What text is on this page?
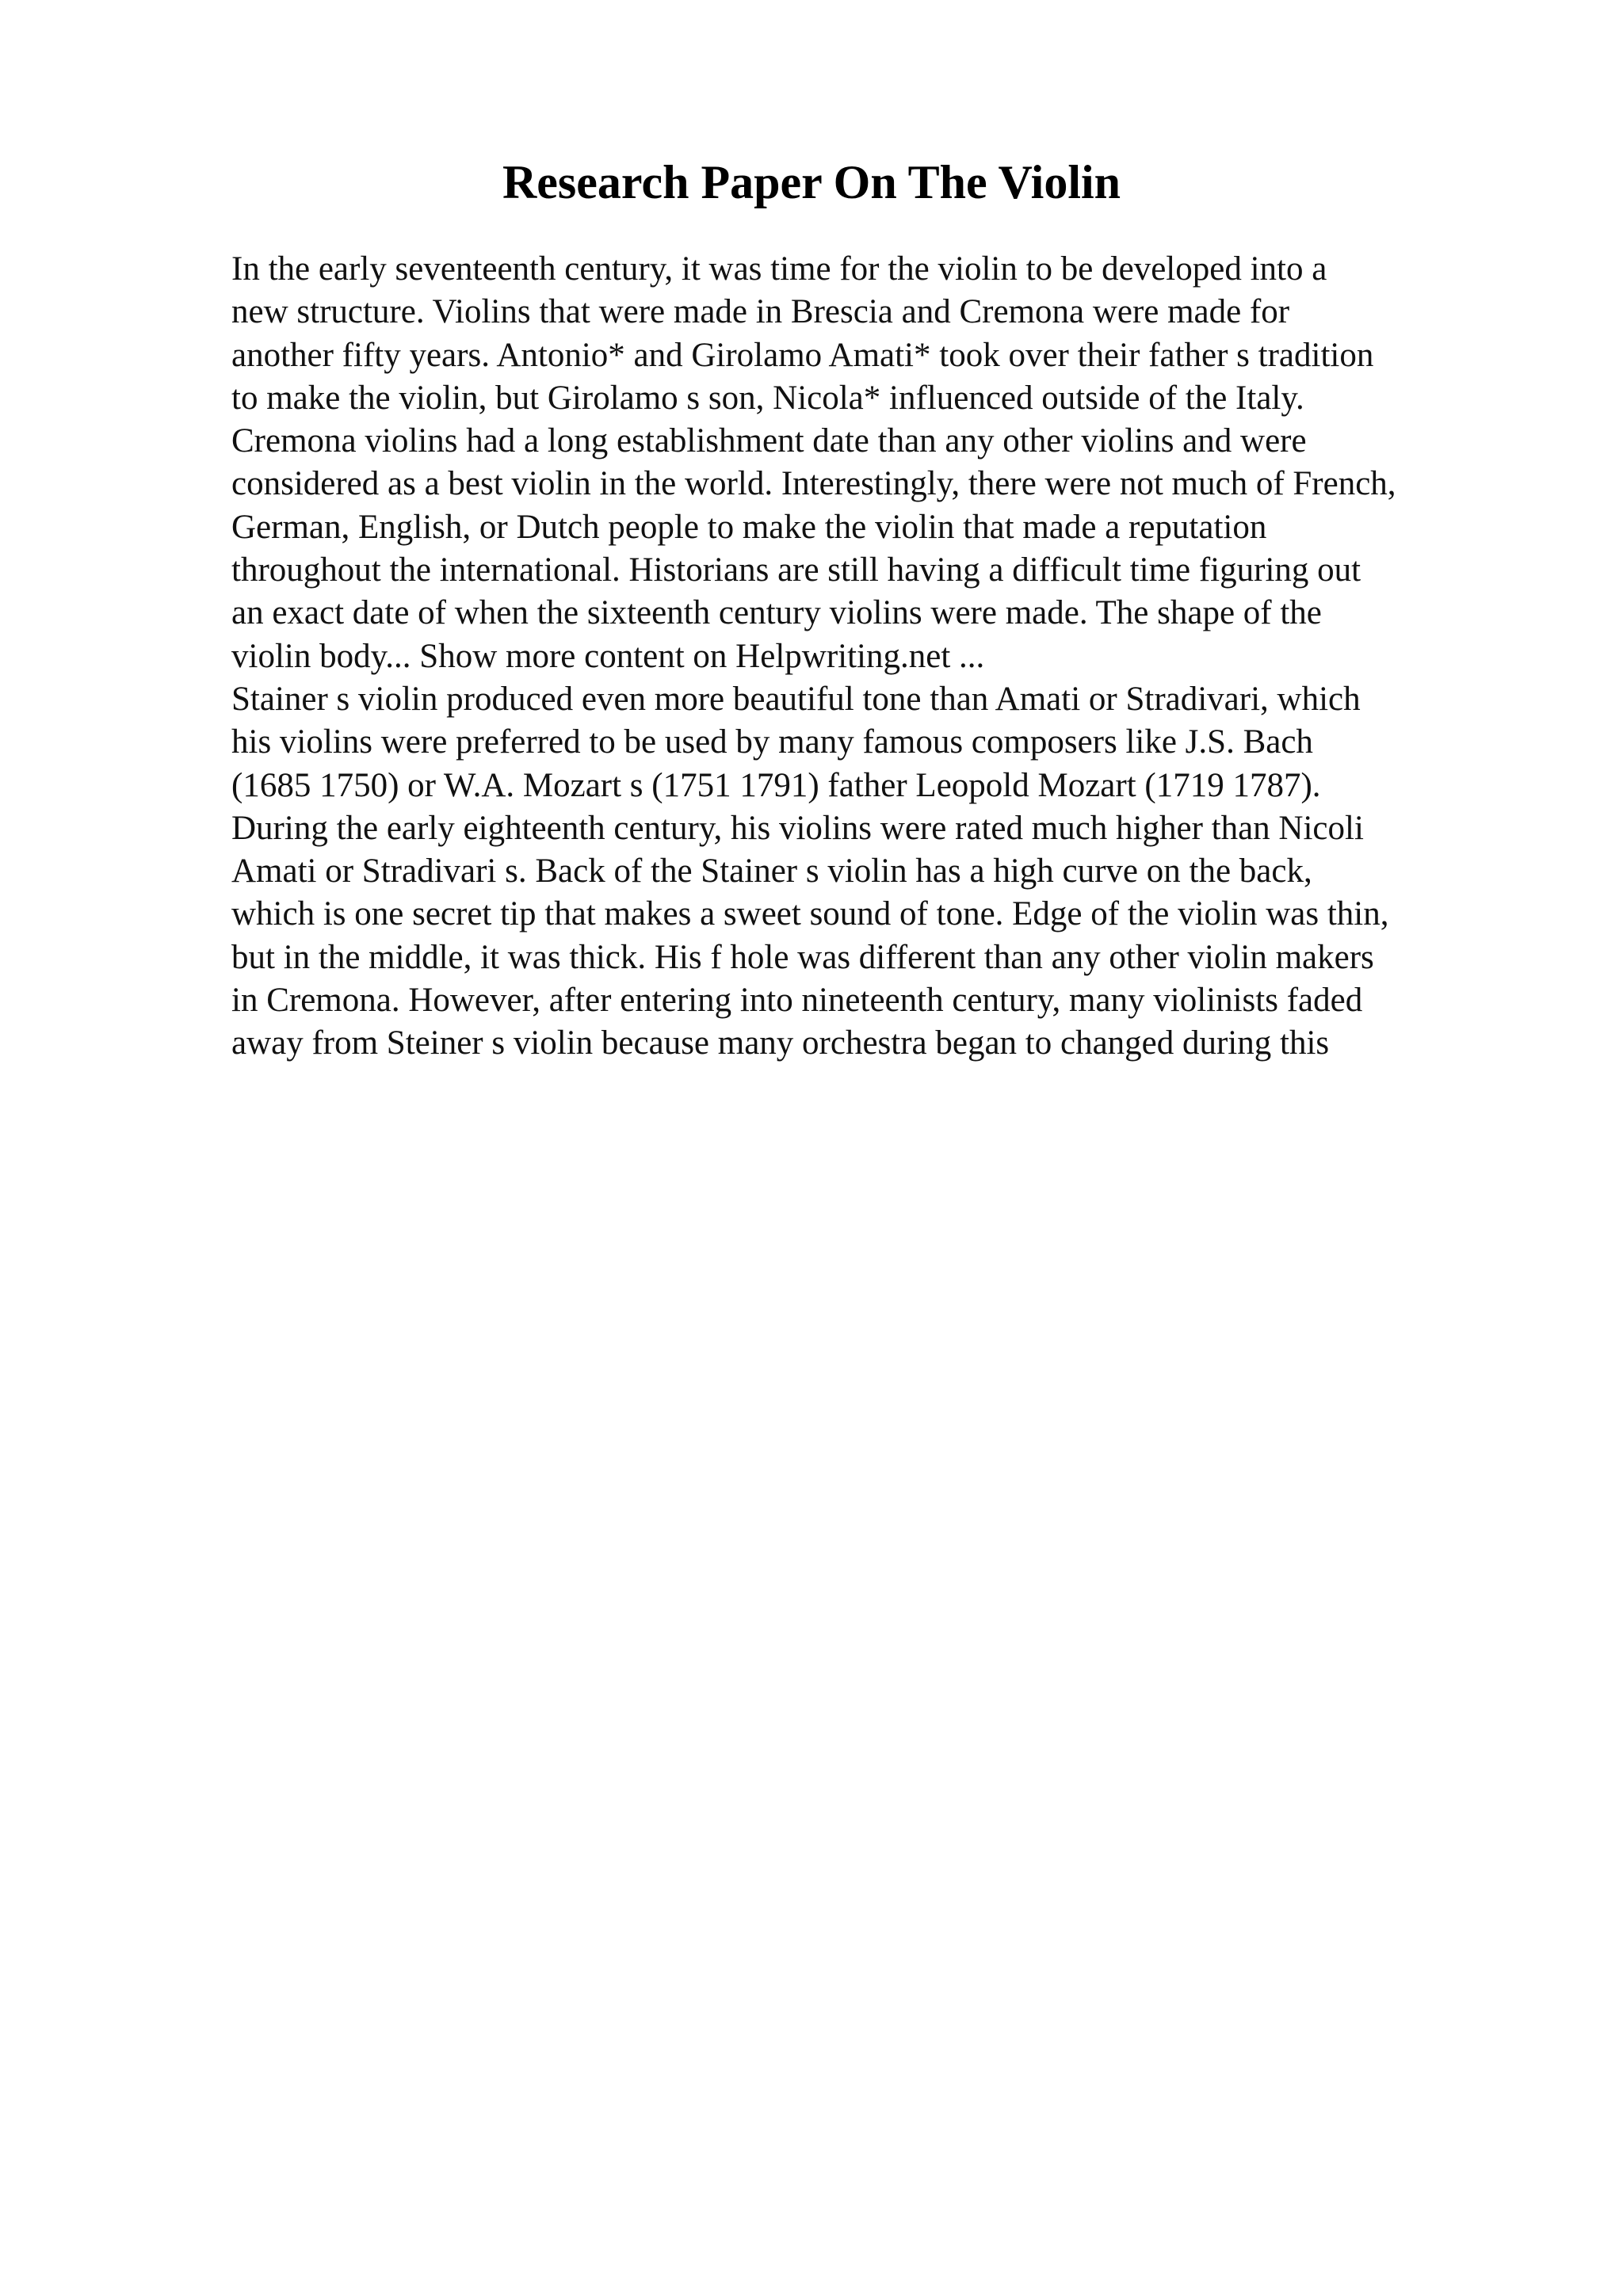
Research Paper On The Violin
In the early seventeenth century, it was time for the violin to be developed into a
new structure. Violins that were made in Brescia and Cremona were made for
another fifty years. Antonio* and Girolamo Amati* took over their father s tradition
to make the violin, but Girolamo s son, Nicola* influenced outside of the Italy.
Cremona violins had a long establishment date than any other violins and were
considered as a best violin in the world. Interestingly, there were not much of French,
German, English, or Dutch people to make the violin that made a reputation
throughout the international. Historians are still having a difficult time figuring out
an exact date of when the sixteenth century violins were made. The shape of the
violin body... Show more content on Helpwriting.net ...
Stainer s violin produced even more beautiful tone than Amati or Stradivari, which
his violins were preferred to be used by many famous composers like J.S. Bach
(1685 1750) or W.A. Mozart s (1751 1791) father Leopold Mozart (1719 1787).
During the early eighteenth century, his violins were rated much higher than Nicoli
Amati or Stradivari s. Back of the Stainer s violin has a high curve on the back,
which is one secret tip that makes a sweet sound of tone. Edge of the violin was thin,
but in the middle, it was thick. His f hole was different than any other violin makers
in Cremona. However, after entering into nineteenth century, many violinists faded
away from Steiner s violin because many orchestra began to changed during this
